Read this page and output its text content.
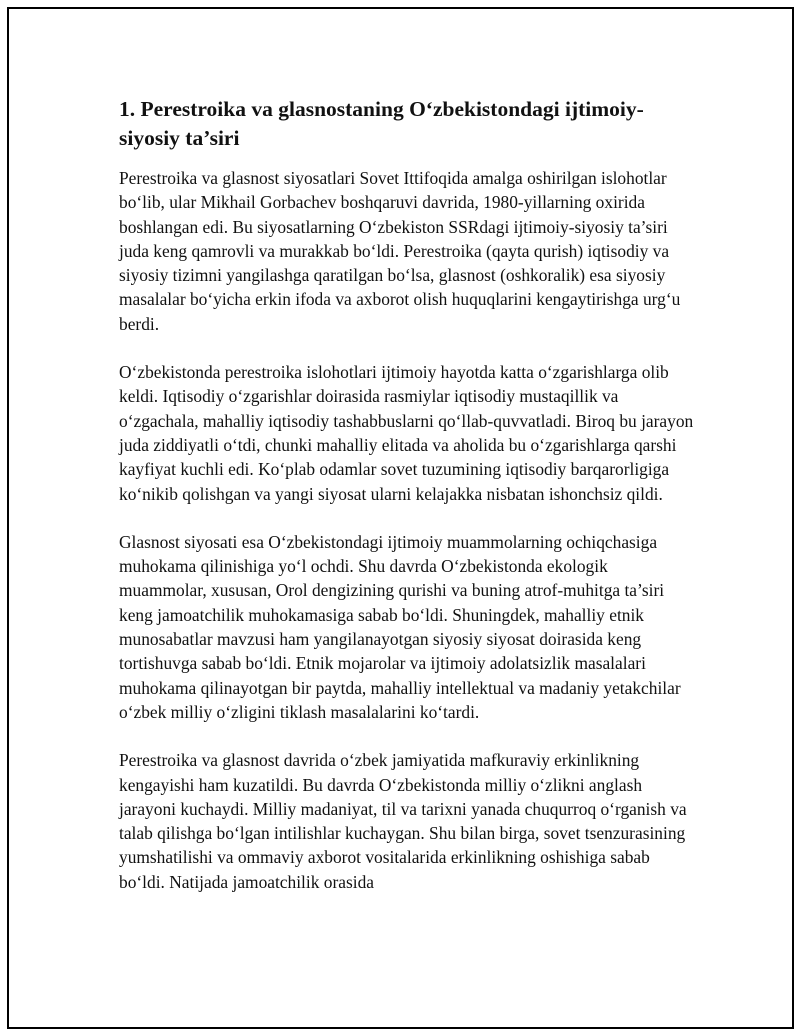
1. Perestroika va glasnostaning O‘zbekistondagi ijtimoiy-siyosiy ta’siri

Perestroika va glasnost siyosatlari Sovet Ittifoqida amalga oshirilgan islohotlar bo‘lib, ular Mikhail Gorbachev boshqaruvi davrida, 1980-yillarning oxirida boshlangan edi. Bu siyosatlarning O‘zbekiston SSRdagi ijtimoiy-siyosiy ta’siri juda keng qamrovli va murakkab bo‘ldi. Perestroika (qayta qurish) iqtisodiy va siyosiy tizimni yangilashga qaratilgan bo‘lsa, glasnost (oshkoralik) esa siyosiy masalalar bo‘yicha erkin ifoda va axborot olish huquqlarini kengaytirishga urg‘u berdi.

O‘zbekistonda perestroika islohotlari ijtimoiy hayotda katta o‘zgarishlarga olib keldi. Iqtisodiy o‘zgarishlar doirasida rasmiylar iqtisodiy mustaqillik va o‘zgachala, mahalliy iqtisodiy tashabbuslarni qo‘llab-quvvatladi. Biroq bu jarayon juda ziddiyatli o‘tdi, chunki mahalliy elitada va aholida bu o‘zgarishlarga qarshi kayfiyat kuchli edi. Ko‘plab odamlar sovet tuzumining iqtisodiy barqarorligiga ko‘nikib qolishgan va yangi siyosat ularni kelajakka nisbatan ishonchsiz qildi.

Glasnost siyosati esa O‘zbekistondagi ijtimoiy muammolarning ochiqchasiga muhokama qilinishiga yo‘l ochdi. Shu davrda O‘zbekistonda ekologik muammolar, xususan, Orol dengizining qurishi va buning atrof-muhitga ta’siri keng jamoatchilik muhokamasiga sabab bo‘ldi. Shuningdek, mahalliy etnik munosabatlar mavzusi ham yangilanayotgan siyosiy siyosat doirasida keng tortishuvga sabab bo‘ldi. Etnik mojarolar va ijtimoiy adolatsizlik masalalari muhokama qilinayotgan bir paytda, mahalliy intellektual va madaniy yetakchilar o‘zbek milliy o‘zligini tiklash masalalarini ko‘tardi.

Perestroika va glasnost davrida o‘zbek jamiyatida mafkuraviy erkinlikning kengayishi ham kuzatildi. Bu davrda O‘zbekistonda milliy o‘zlikni anglash jarayoni kuchaydi. Milliy madaniyat, til va tarixni yanada chuqurroq o‘rganish va talab qilishga bo‘lgan intilishlar kuchaygan. Shu bilan birga, sovet tsenzurasining yumshatilishi va ommaviy axborot vositalarida erkinlikning oshishiga sabab bo‘ldi. Natijada jamoatchilik orasida
